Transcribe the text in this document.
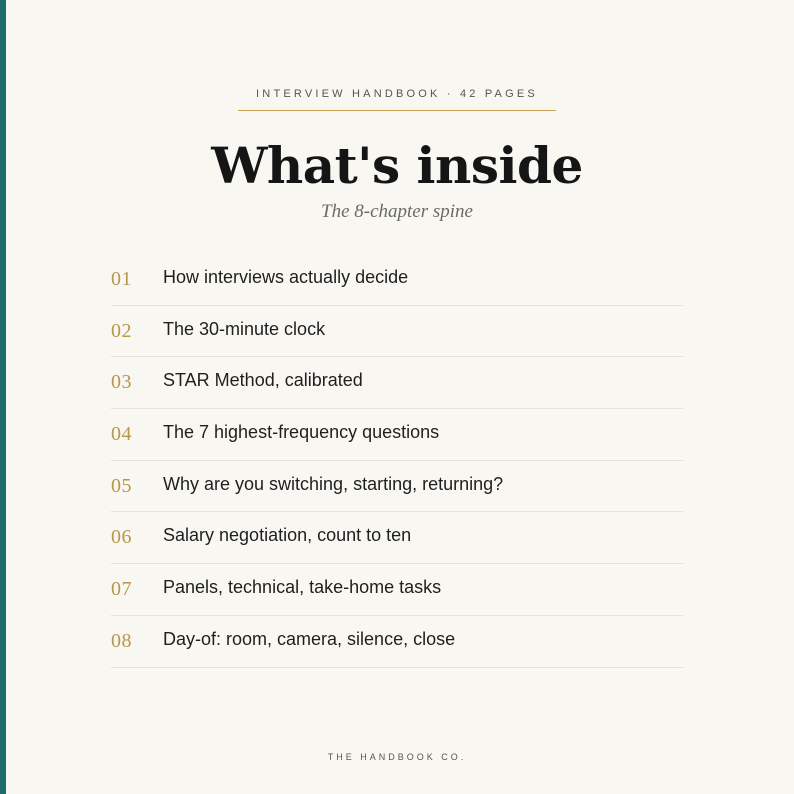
INTERVIEW HANDBOOK · 42 PAGES
What's inside
The 8-chapter spine
01 How interviews actually decide
02 The 30-minute clock
03 STAR Method, calibrated
04 The 7 highest-frequency questions
05 Why are you switching, starting, returning?
06 Salary negotiation, count to ten
07 Panels, technical, take-home tasks
08 Day-of: room, camera, silence, close
THE HANDBOOK CO.
